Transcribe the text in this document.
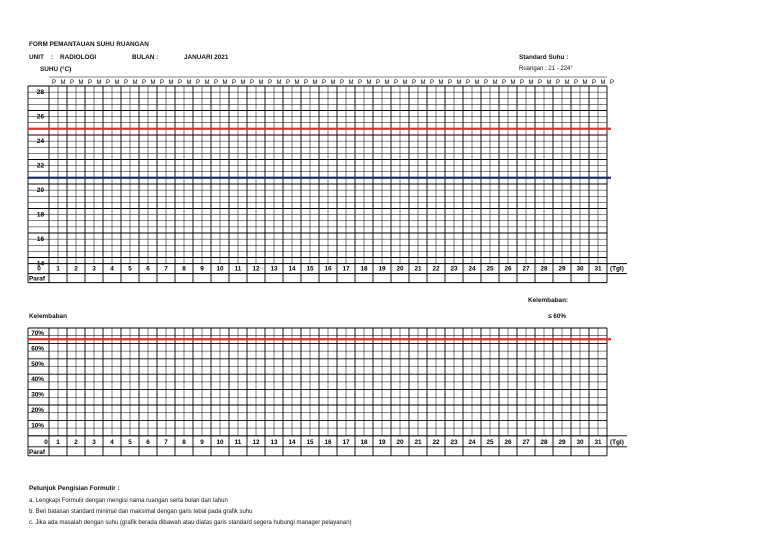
FORM PEMANTAUAN SUHU RUANGAN
UNIT : RADIOLOGI	BULAN :	JANUARI 2021	Standard Suhu :
Ruangan : 21 - 224°
SUHU (°C)
Kelembaban:
≤ 60%
Kelembaban
P M P M P M P M P M P M P M P M P M P M P M P M P M P M P M P M P M P M P M P M P M P M P M P M P M P M P M P M P M P M P M P
28
26
24
22
20
18
16
14
0 1 2 3 4 5 6 7 8 9 10 11 12 13 14 15 16 17 18 19 20 21 22 23 24 25 26 27 28 29 30 31 (Tgl)
Paraf
70%
60%
50%
40%
30%
20%
10%
0 1 2 3 4 5 6 7 8 9 10 11 12 13 14 15 16 17 18 19 20 21 22 23 24 25 26 27 28 29 30 31 (Tgl)
Paraf
Petunjuk Pengisian Formulir :
a. Lengkapi Formulir dengan mengisi nama ruangan serta bulan dan tahun
b. Beri batasan standard minimal dan maksimal dengan garis tebal pada grafik suhu
c. Jika ada masalah dengan suhu (grafik berada dibawah atau diatas garis standard segera hubungi manager pelayanan)
